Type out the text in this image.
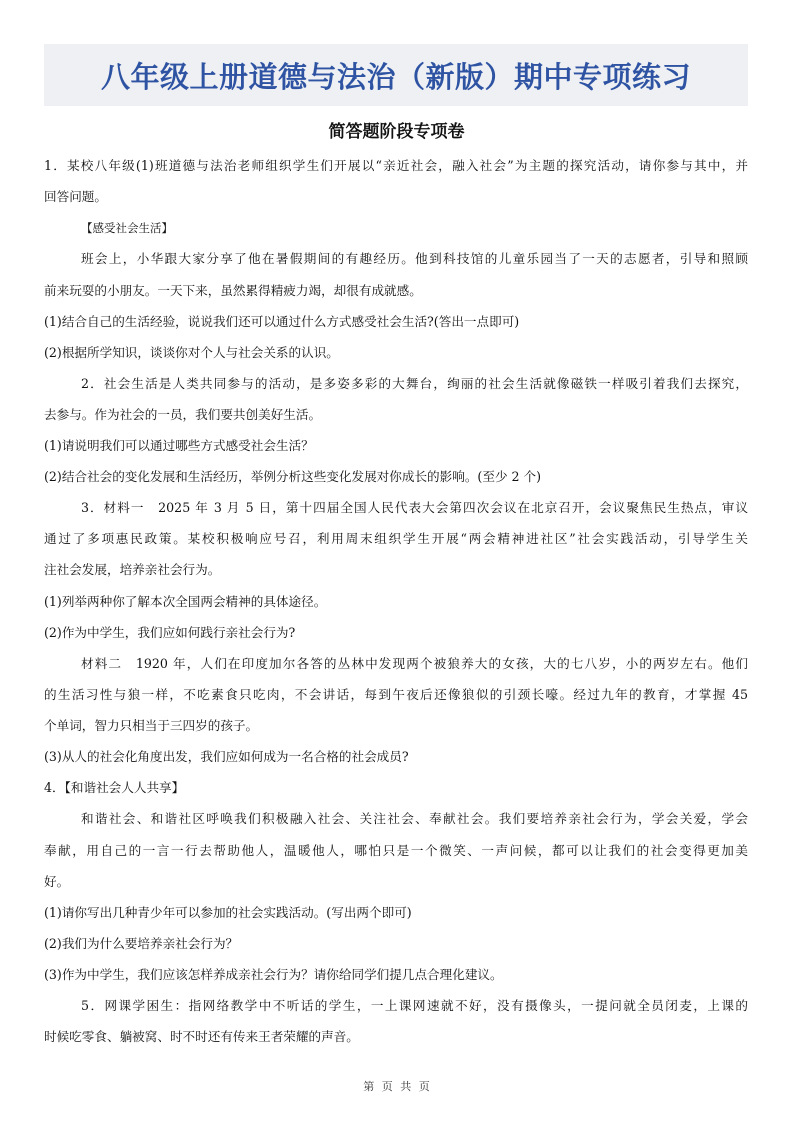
八年级上册道德与法治（新版）期中专项练习
简答题阶段专项卷
1．某校八年级(1)班道德与法治老师组织学生们开展以“亲近社会，融入社会”为主题的探究活动，请你参与其中，并
回答问题。
【感受社会生活】
班会上，小华跟大家分享了他在暑假期间的有趣经历。他到科技馆的儿童乐园当了一天的志愿者，引导和照顾
前来玩耍的小朋友。一天下来，虽然累得精疲力竭，却很有成就感。
(1)结合自己的生活经验，说说我们还可以通过什么方式感受社会生活?(答出一点即可)
(2)根据所学知识，谈谈你对个人与社会关系的认识。
2．社会生活是人类共同参与的活动，是多姿多彩的大舞台，绚丽的社会生活就像磁铁一样吸引着我们去探究，
去参与。作为社会的一员，我们要共创美好生活。
(1)请说明我们可以通过哪些方式感受社会生活？
(2)结合社会的变化发展和生活经历，举例分析这些变化发展对你成长的影响。(至少 2 个)
3．材料一　2025 年 3 月 5 日，第十四届全国人民代表大会第四次会议在北京召开，会议聚焦民生热点，审议
通过了多项惠民政策。某校积极响应号召，利用周末组织学生开展“两会精神进社区”社会实践活动，引导学生关
注社会发展，培养亲社会行为。
(1)列举两种你了解本次全国两会精神的具体途径。
(2)作为中学生，我们应如何践行亲社会行为?
材料二　1920 年，人们在印度加尔各答的丛林中发现两个被狼养大的女孩，大的七八岁，小的两岁左右。他们
的生活习性与狼一样，不吃素食只吃肉，不会讲话，每到午夜后还像狼似的引颈长嚎。经过九年的教育，才掌握 45
个单词，智力只相当于三四岁的孩子。
(3)从人的社会化角度出发，我们应如何成为一名合格的社会成员?
4．【和谐社会人人共享】
和谐社会、和谐社区呼唤我们积极融入社会、关注社会、奉献社会。我们要培养亲社会行为，学会关爱，学会
奉献，用自己的一言一行去帮助他人，温暖他人，哪怕只是一个微笑、一声问候，都可以让我们的社会变得更加美
好。
(1)请你写出几种青少年可以参加的社会实践活动。(写出两个即可)
(2)我们为什么要培养亲社会行为？
(3)作为中学生，我们应该怎样养成亲社会行为？请你给同学们提几点合理化建议。
5．网课学困生：指网络教学中不听话的学生，一上课网速就不好，没有摄像头，一提问就全员闭麦，上课的
时候吃零食、躺被窝、时不时还有传来王者荣耀的声音。
第 页 共 页
